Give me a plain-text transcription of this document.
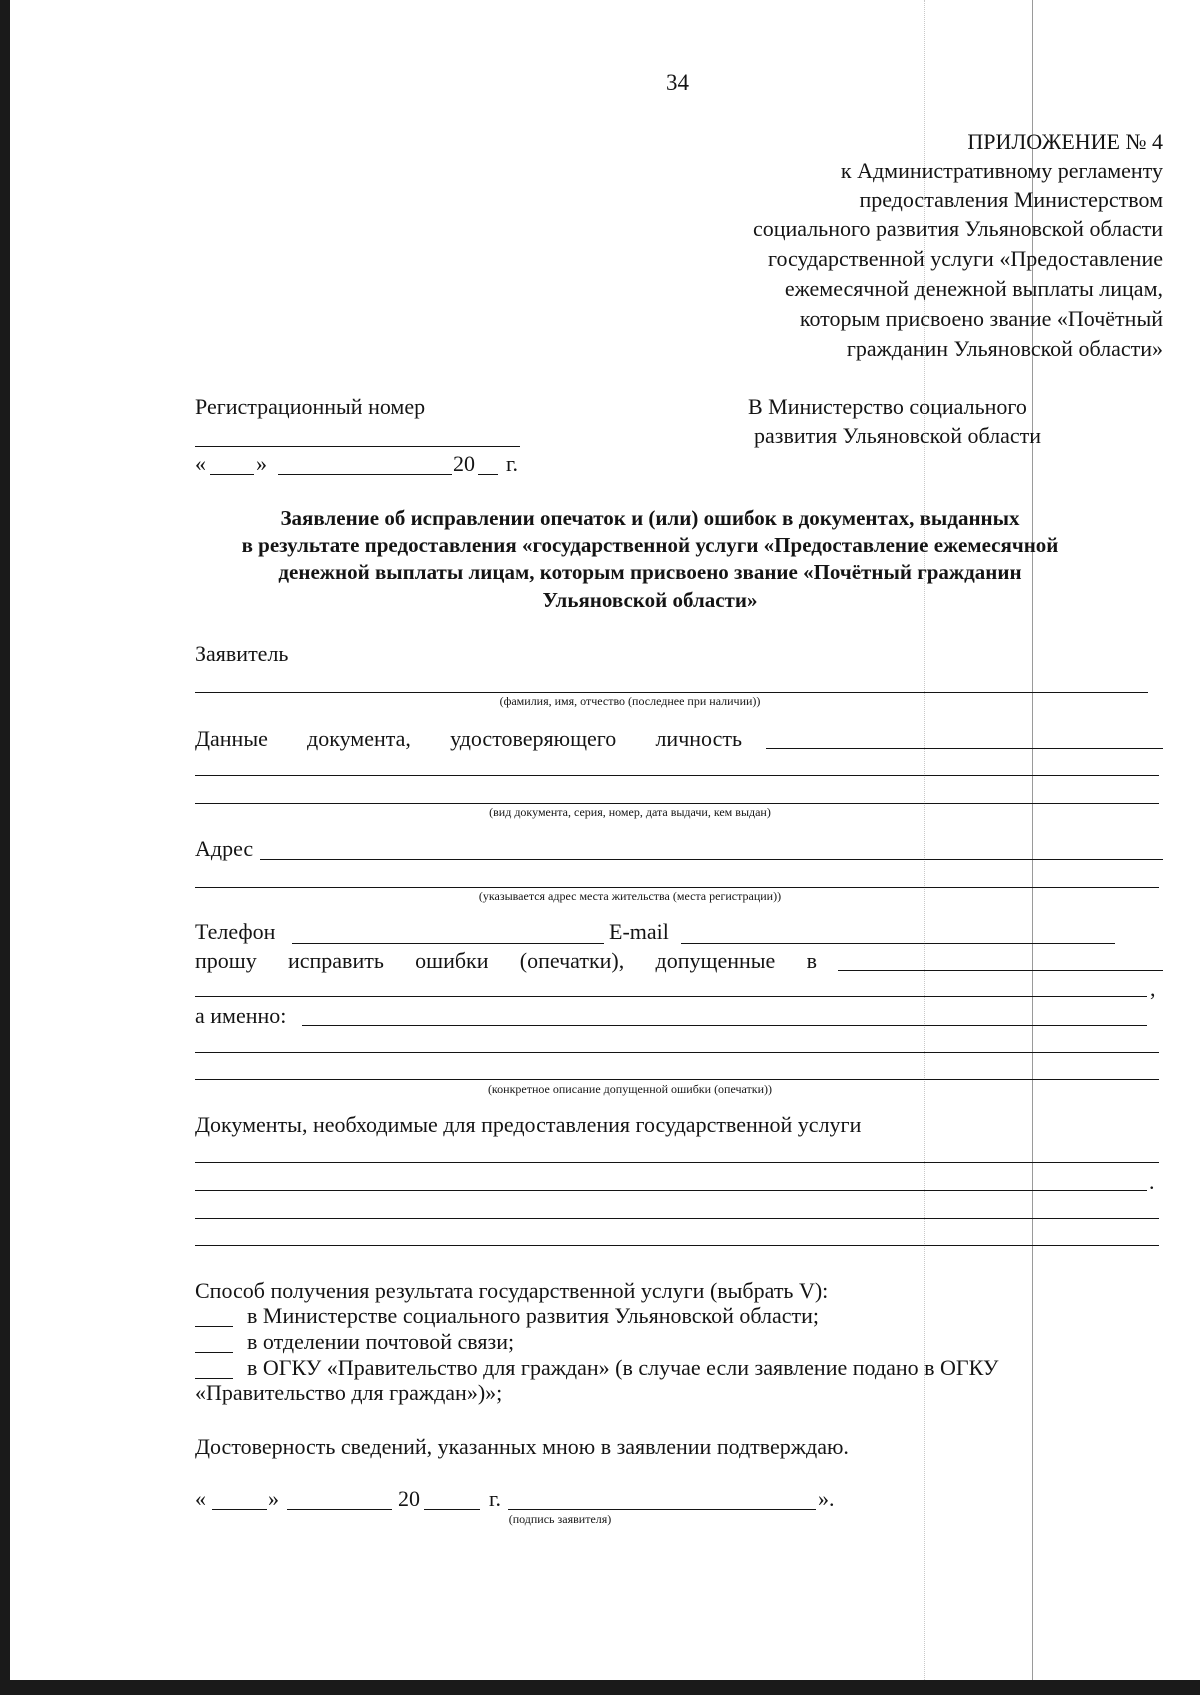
34
ПРИЛОЖЕНИЕ № 4
к Административному регламенту
предоставления Министерством
социального развития Ульяновской области
государственной услуги «Предоставление
ежемесячной денежной выплаты лицам,
которым присвоено звание «Почётный
гражданин Ульяновской области»
Регистрационный номер
« »	20 г.
В Министерство социального
развития Ульяновской области
Заявление об исправлении опечаток и (или) ошибок в документах, выданных
в результате предоставления «государственной услуги «Предоставление ежемесячной
денежной выплаты лицам, которым присвоено звание «Почётный гражданин
Ульяновской области»
Заявитель
(фамилия, имя, отчество (последнее при наличии))
Данные документа, удостоверяющего личность
(вид документа, серия, номер, дата выдачи, кем выдан)
Адрес
(указывается адрес места жительства (места регистрации))
Телефон	E-mail
прошу исправить ошибки (опечатки), допущенные в
,
а именно:
(конкретное описание допущенной ошибки (опечатки))
Документы, необходимые для предоставления государственной услуги
.
Способ получения результата государственной услуги (выбрать V):
в Министерстве социального развития Ульяновской области;
в отделении почтовой связи;
в ОГКУ «Правительство для граждан» (в случае если заявление подано в ОГКУ
«Правительство для граждан»)»;
Достоверность сведений, указанных мною в заявлении подтверждаю.
«	»	20	г.	».
(подпись заявителя)
